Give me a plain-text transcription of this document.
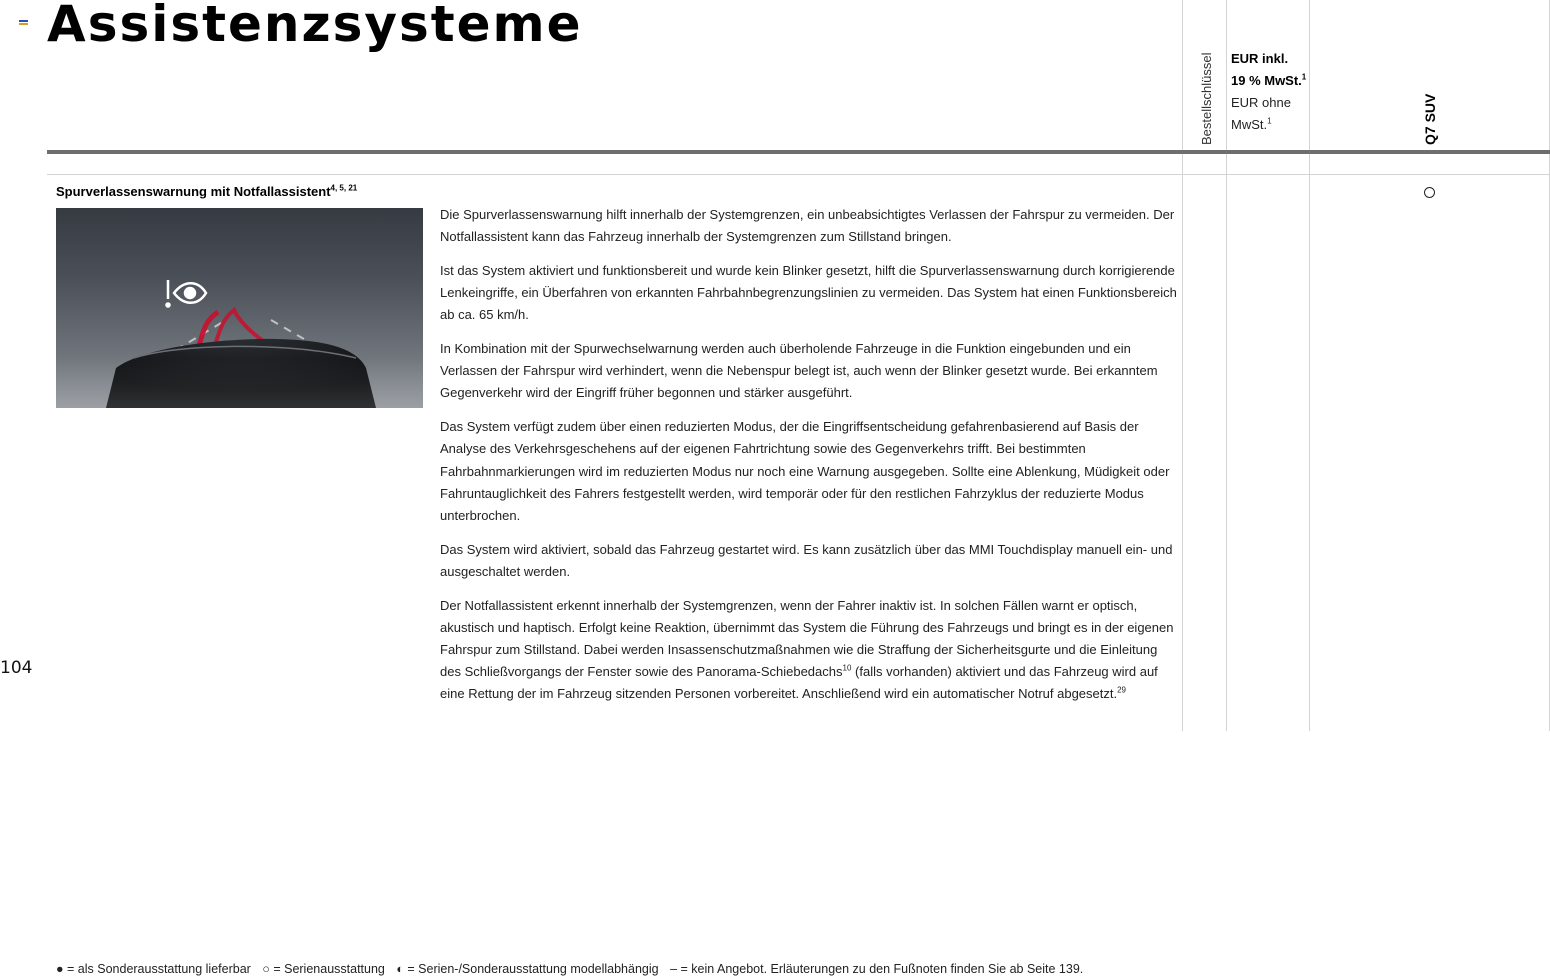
Assistenzsysteme
Bestellschlüssel EUR inkl.
19 % MwSt.$^1$
EUR ohne
MwSt.$^1$	Q7 SUV
Spurverlassenswarnung mit Notfallassistent$^{4, 5, 21}$

Die Spurverlassenswarnung hilft innerhalb der Systemgrenzen, ein unbeabsichtigtes Verlassen der Fahrspur zu vermeiden. Der Notfallassistent kann das Fahrzeug innerhalb der Systemgrenzen zum Stillstand bringen.

Ist das System aktiviert und funktionsbereit und wurde kein Blinker gesetzt, hilft die Spurverlassenswarnung durch korrigierende Lenkeingriffe, ein Überfahren von erkannten Fahrbahnbegrenzungslinien zu vermeiden. Das System hat einen Funktionsbereich ab ca. 65 km/h.

In Kombination mit der Spurwechselwarnung werden auch überholende Fahrzeuge in die Funktion eingebunden und ein Verlassen der Fahrspur wird verhindert, wenn die Nebenspur belegt ist, auch wenn der Blinker gesetzt wurde. Bei erkanntem Gegenverkehr wird der Eingriff früher begonnen und stärker ausgeführt.

Das System verfügt zudem über einen reduzierten Modus, der die Eingriffsentscheidung gefahrenbasierend auf Basis der Analyse des Verkehrsgeschehens auf der eigenen Fahrtrichtung sowie des Gegenverkehrs trifft. Bei bestimmten Fahrbahnmarkierungen wird im reduzierten Modus nur noch eine Warnung ausgegeben. Sollte eine Ablenkung, Müdigkeit oder Fahruntauglichkeit des Fahrers festgestellt werden, wird temporär oder für den restlichen Fahrzyklus der reduzierte Modus unterbrochen.

Das System wird aktiviert, sobald das Fahrzeug gestartet wird. Es kann zusätzlich über das MMI Touchdisplay manuell ein- und ausgeschaltet werden.

Der Notfallassistent erkennt innerhalb der Systemgrenzen, wenn der Fahrer inaktiv ist. In solchen Fällen warnt er optisch, akustisch und haptisch. Erfolgt keine Reaktion, übernimmt das System die Führung des Fahrzeugs und bringt es in der eigenen Fahrspur zum Stillstand. Dabei werden Insassenschutzmaßnahmen wie die Straffung der Sicherheitsgurte und die Einleitung des Schließvorgangs der Fenster sowie des Panorama-Schiebedachs$^{10}$ (falls vorhanden) aktiviert und das Fahrzeug wird auf eine Rettung der im Fahrzeug sitzenden Personen vorbereitet. Anschließend wird ein automatischer Notruf abgesetzt.$^{29}$

104
● = als Sonderausstattung lieferbar ○ = Serienausstattung ◐ = Serien-/Sonderausstattung modellabhängig – = kein Angebot. Erläuterungen zu den Fußnoten finden Sie ab Seite 139.
